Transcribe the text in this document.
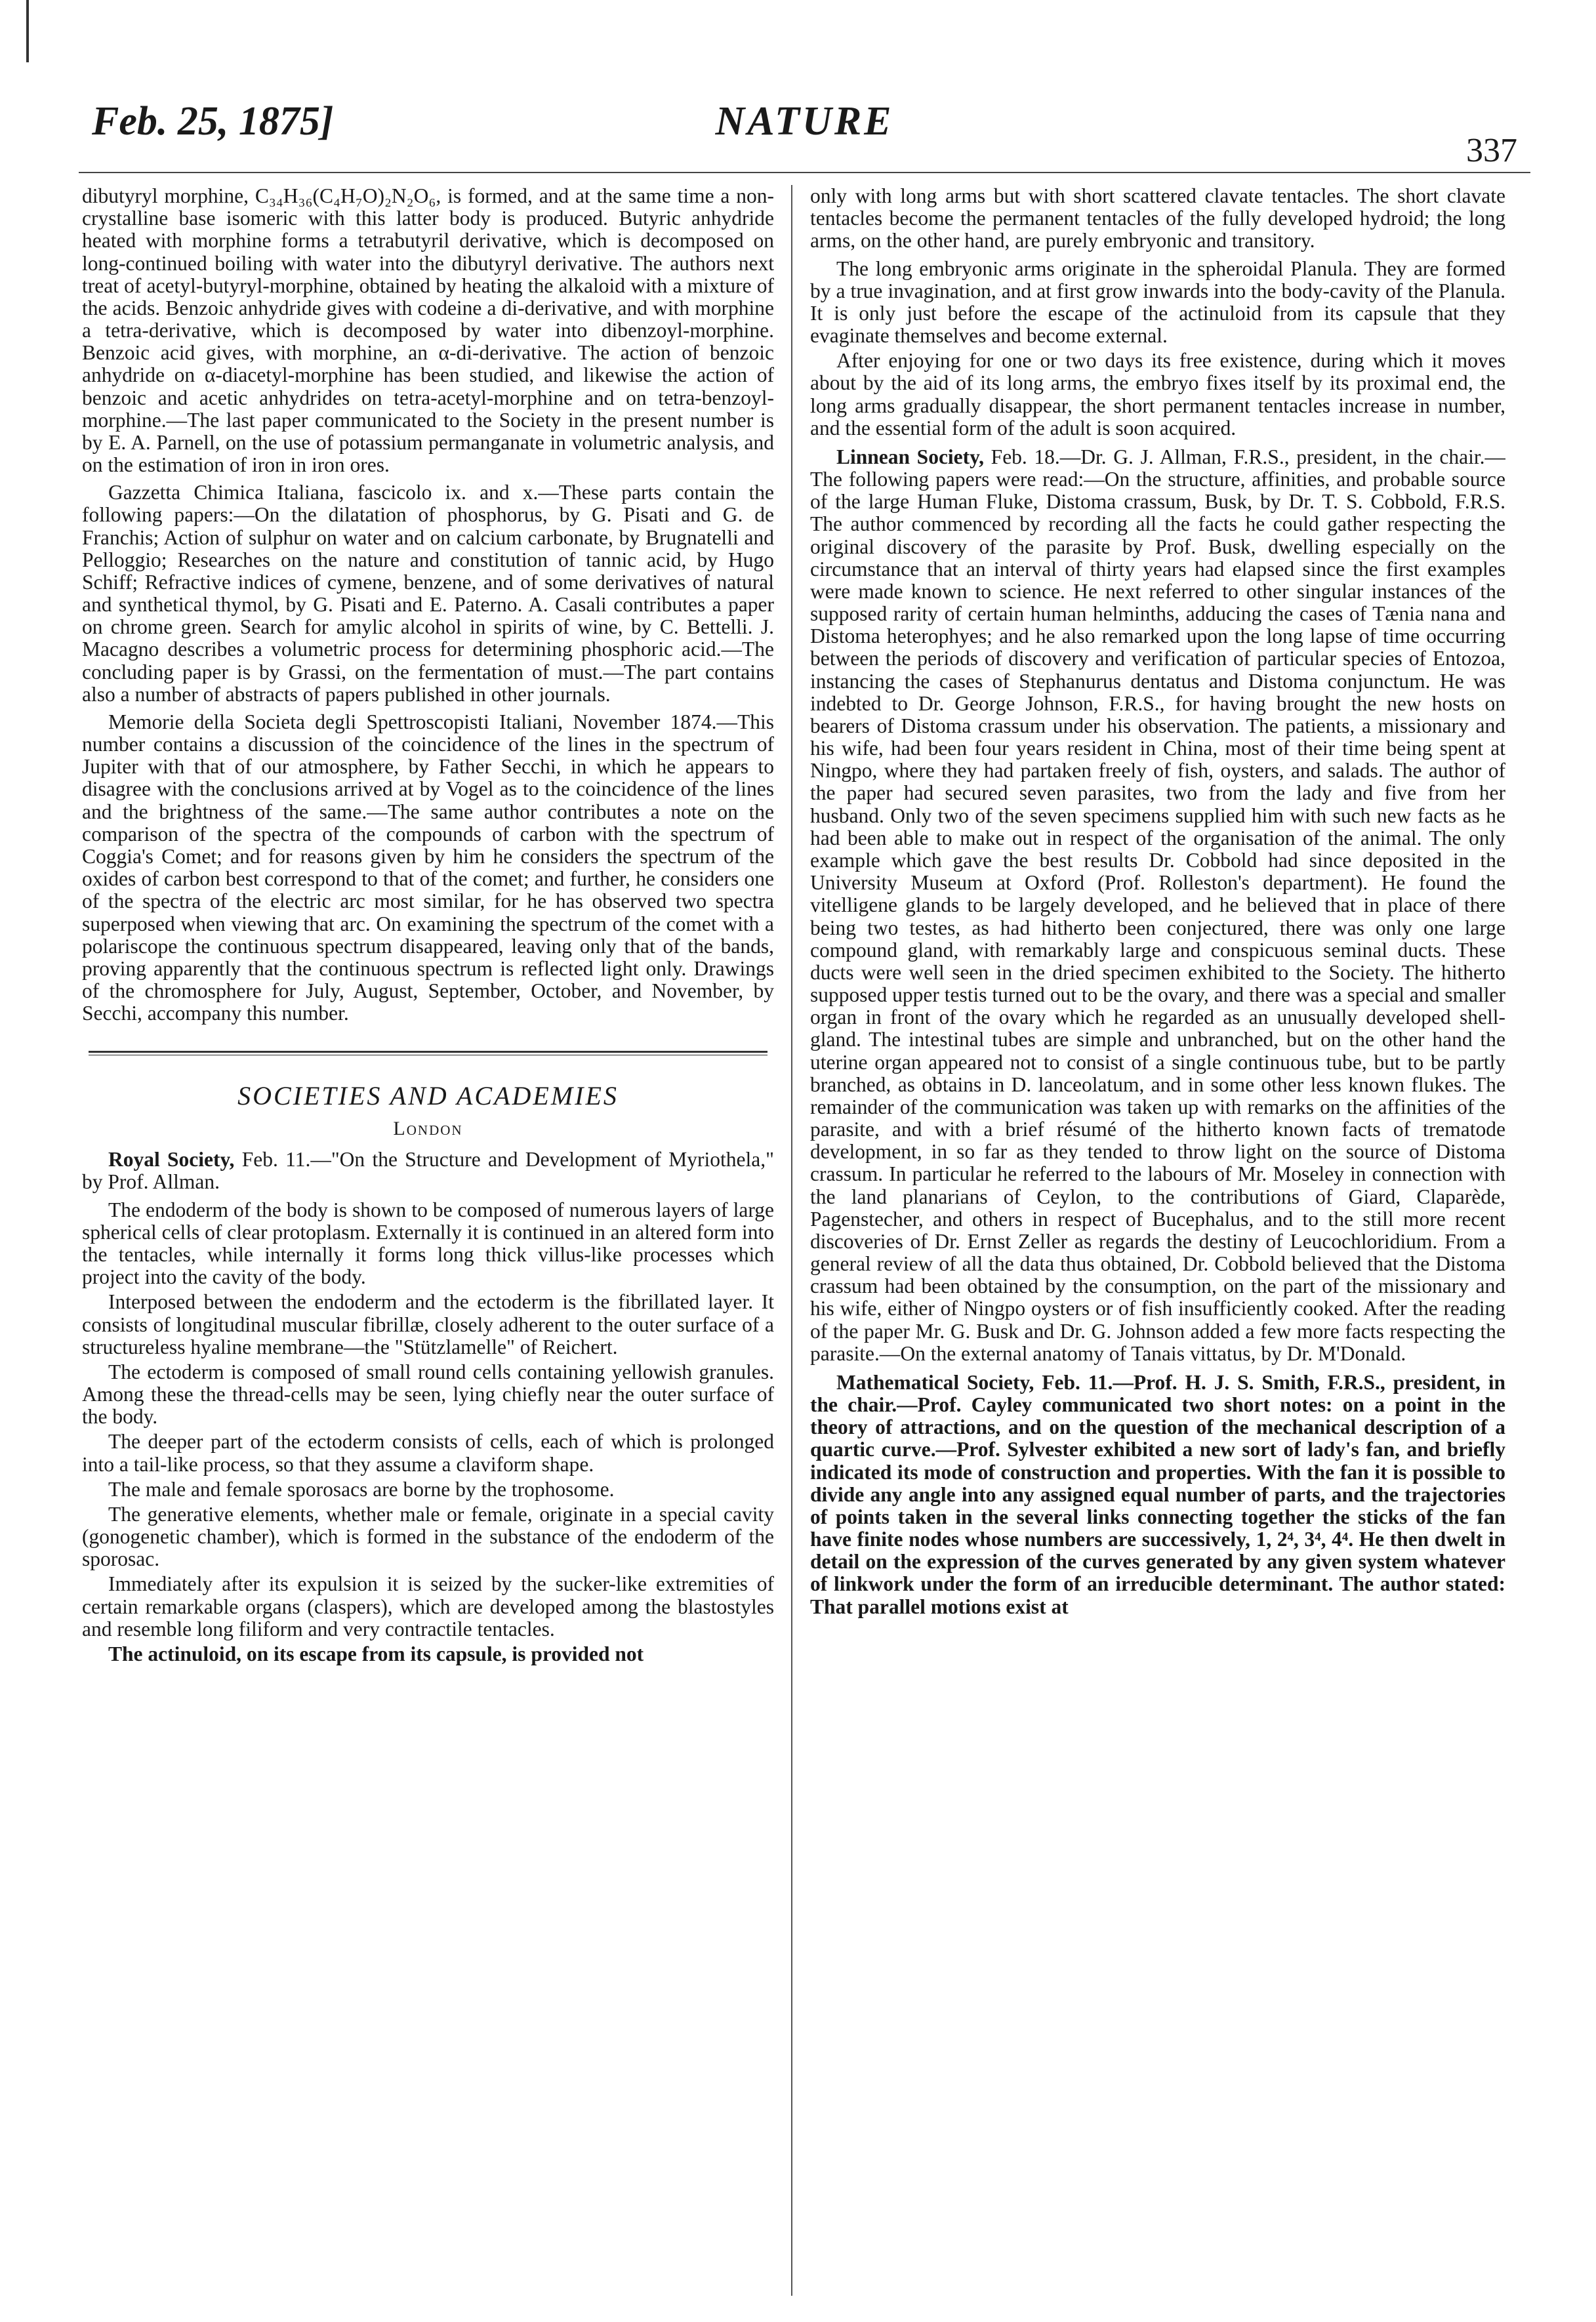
Feb. 25, 1875]	NATURE
337

dibutyryl morphine, C₃₄H₃₆(C₄H₇O)₂N₂O₆, is formed, and at the same time a non-crystalline base isomeric with this latter body is produced. Butyric anhydride heated with morphine forms a tetrabutyril derivative, which is decomposed on long-continued boiling with water into the dibutyryl derivative. The authors next treat of acetyl-butyryl-morphine, obtained by heating the alkaloid with a mixture of the acids. Benzoic anhydride gives with codeine a di-derivative, and with morphine a tetra-derivative, which is decomposed by water into dibenzoyl-morphine. Benzoic acid gives, with morphine, an α-di-derivative. The action of benzoic anhydride on α-diacetyl-morphine has been studied, and likewise the action of benzoic and acetic anhydrides on tetra-acetyl-morphine and on tetra-benzoyl-morphine.—The last paper communicated to the Society in the present number is by E. A. Parnell, on the use of potassium permanganate in volumetric analysis, and on the estimation of iron in iron ores.

Gazzetta Chimica Italiana, fascicolo ix. and x.—These parts contain the following papers:—On the dilatation of phosphorus, by G. Pisati and G. de Franchis; Action of sulphur on water and on calcium carbonate, by Brugnatelli and Pelloggio; Researches on the nature and constitution of tannic acid, by Hugo Schiff; Refractive indices of cymene, benzene, and of some derivatives of natural and synthetical thymol, by G. Pisati and E. Paterno. A. Casali contributes a paper on chrome green. Search for amylic alcohol in spirits of wine, by C. Bettelli. J. Macagno describes a volumetric process for determining phosphoric acid.—The concluding paper is by Grassi, on the fermentation of must.—The part contains also a number of abstracts of papers published in other journals.

Memorie della Societa degli Spettroscopisti Italiani, November 1874.—This number contains a discussion of the coincidence of the lines in the spectrum of Jupiter with that of our atmosphere, by Father Secchi, in which he appears to disagree with the conclusions arrived at by Vogel as to the coincidence of the lines and the brightness of the same.—The same author contributes a note on the comparison of the spectra of the compounds of carbon with the spectrum of Coggia's Comet; and for reasons given by him he considers the spectrum of the oxides of carbon best correspond to that of the comet; and further, he considers one of the spectra of the electric arc most similar, for he has observed two spectra superposed when viewing that arc. On examining the spectrum of the comet with a polariscope the continuous spectrum disappeared, leaving only that of the bands, proving apparently that the continuous spectrum is reflected light only. Drawings of the chromosphere for July, August, September, October, and November, by Secchi, accompany this number.

SOCIETIES AND ACADEMIES
London

Royal Society, Feb. 11.—"On the Structure and Development of Myriothela," by Prof. Allman.

The endoderm of the body is shown to be composed of numerous layers of large spherical cells of clear protoplasm. Externally it is continued in an altered form into the tentacles, while internally it forms long thick villus-like processes which project into the cavity of the body.

Interposed between the endoderm and the ectoderm is the fibrillated layer. It consists of longitudinal muscular fibrillæ, closely adherent to the outer surface of a structureless hyaline membrane—the "Stützlamelle" of Reichert.

The ectoderm is composed of small round cells containing yellowish granules. Among these the thread-cells may be seen, lying chiefly near the outer surface of the body.

The deeper part of the ectoderm consists of cells, each of which is prolonged into a tail-like process, so that they assume a claviform shape.

The male and female sporosacs are borne by the trophosome.

The generative elements, whether male or female, originate in a special cavity (gonogenetic chamber), which is formed in the substance of the endoderm of the sporosac.

Immediately after its expulsion it is seized by the sucker-like extremities of certain remarkable organs (claspers), which are developed among the blastostyles and resemble long filiform and very contractile tentacles.

The actinuloid, on its escape from its capsule, is provided not

only with long arms but with short scattered clavate tentacles. The short clavate tentacles become the permanent tentacles of the fully developed hydroid; the long arms, on the other hand, are purely embryonic and transitory.

The long embryonic arms originate in the spheroidal Planula. They are formed by a true invagination, and at first grow inwards into the body-cavity of the Planula. It is only just before the escape of the actinuloid from its capsule that they evaginate themselves and become external.

After enjoying for one or two days its free existence, during which it moves about by the aid of its long arms, the embryo fixes itself by its proximal end, the long arms gradually disappear, the short permanent tentacles increase in number, and the essential form of the adult is soon acquired.

Linnean Society, Feb. 18.—Dr. G. J. Allman, F.R.S., president, in the chair.—The following papers were read:—On the structure, affinities, and probable source of the large Human Fluke, Distoma crassum, Busk, by Dr. T. S. Cobbold, F.R.S. The author commenced by recording all the facts he could gather respecting the original discovery of the parasite by Prof. Busk, dwelling especially on the circumstance that an interval of thirty years had elapsed since the first examples were made known to science. He next referred to other singular instances of the supposed rarity of certain human helminths, adducing the cases of Tænia nana and Distoma heterophyes; and he also remarked upon the long lapse of time occurring between the periods of discovery and verification of particular species of Entozoa, instancing the cases of Stephanurus dentatus and Distoma conjunctum. He was indebted to Dr. George Johnson, F.R.S., for having brought the new hosts on bearers of Distoma crassum under his observation. The patients, a missionary and his wife, had been four years resident in China, most of their time being spent at Ningpo, where they had partaken freely of fish, oysters, and salads. The author of the paper had secured seven parasites, two from the lady and five from her husband. Only two of the seven specimens supplied him with such new facts as he had been able to make out in respect of the organisation of the animal. The only example which gave the best results Dr. Cobbold had since deposited in the University Museum at Oxford (Prof. Rolleston's department). He found the vitelligene glands to be largely developed, and he believed that in place of there being two testes, as had hitherto been conjectured, there was only one large compound gland, with remarkably large and conspicuous seminal ducts. These ducts were well seen in the dried specimen exhibited to the Society. The hitherto supposed upper testis turned out to be the ovary, and there was a special and smaller organ in front of the ovary which he regarded as an unusually developed shell-gland. The intestinal tubes are simple and unbranched, but on the other hand the uterine organ appeared not to consist of a single continuous tube, but to be partly branched, as obtains in D. lanceolatum, and in some other less known flukes. The remainder of the communication was taken up with remarks on the affinities of the parasite, and with a brief résumé of the hitherto known facts of trematode development, in so far as they tended to throw light on the source of Distoma crassum. In particular he referred to the labours of Mr. Moseley in connection with the land planarians of Ceylon, to the contributions of Giard, Claparède, Pagenstecher, and others in respect of Bucephalus, and to the still more recent discoveries of Dr. Ernst Zeller as regards the destiny of Leucochloridium. From a general review of all the data thus obtained, Dr. Cobbold believed that the Distoma crassum had been obtained by the consumption, on the part of the missionary and his wife, either of Ningpo oysters or of fish insufficiently cooked. After the reading of the paper Mr. G. Busk and Dr. G. Johnson added a few more facts respecting the parasite.—On the external anatomy of Tanais vittatus, by Dr. M'Donald.

Mathematical Society, Feb. 11.—Prof. H. J. S. Smith, F.R.S., president, in the chair.—Prof. Cayley communicated two short notes: on a point in the theory of attractions, and on the question of the mechanical description of a quartic curve.—Prof. Sylvester exhibited a new sort of lady's fan, and briefly indicated its mode of construction and properties. With the fan it is possible to divide any angle into any assigned equal number of parts, and the trajectories of points taken in the several links connecting together the sticks of the fan have finite nodes whose numbers are successively, 1, 2⁴, 3⁴, 4⁴. He then dwelt in detail on the expression of the curves generated by any given system whatever of linkwork under the form of an irreducible determinant. The author stated: That parallel motions exist at
